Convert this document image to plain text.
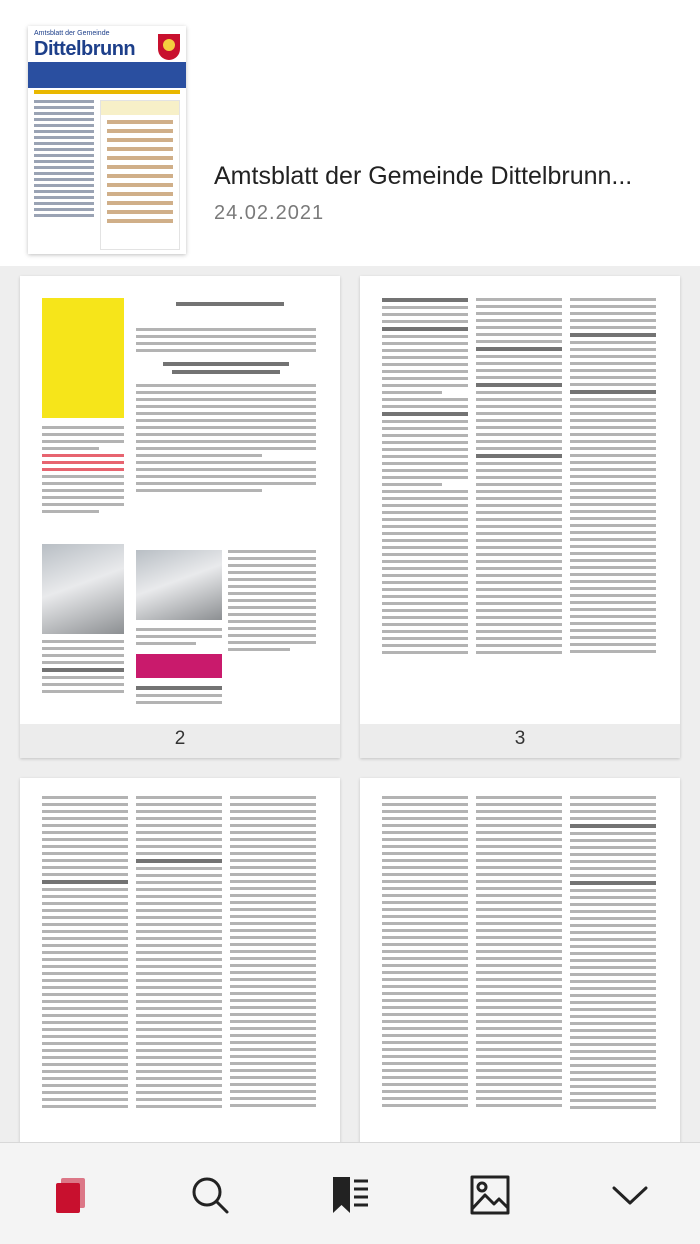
Amtsblatt der Gemeinde
Dittelbrunn
Amtsblatt der Gemeinde Dittelbrunn...
24.02.2021
2	3
